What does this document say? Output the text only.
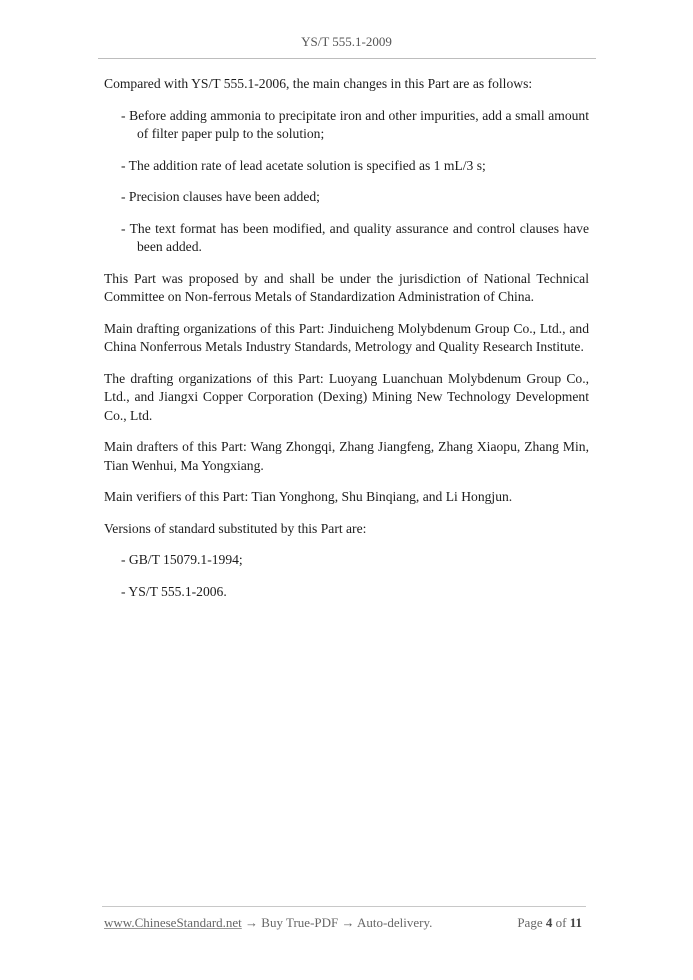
YS/T 555.1-2009

Compared with YS/T 555.1-2006, the main changes in this Part are as follows:

- Before adding ammonia to precipitate iron and other impurities, add a small amount of filter paper pulp to the solution;

- The addition rate of lead acetate solution is specified as 1 mL/3 s;

- Precision clauses have been added;

- The text format has been modified, and quality assurance and control clauses have been added.

This Part was proposed by and shall be under the jurisdiction of National Technical Committee on Non-ferrous Metals of Standardization Administration of China.

Main drafting organizations of this Part: Jinduicheng Molybdenum Group Co., Ltd., and China Nonferrous Metals Industry Standards, Metrology and Quality Research Institute.

The drafting organizations of this Part: Luoyang Luanchuan Molybdenum Group Co., Ltd., and Jiangxi Copper Corporation (Dexing) Mining New Technology Development Co., Ltd.

Main drafters of this Part: Wang Zhongqi, Zhang Jiangfeng, Zhang Xiaopu, Zhang Min, Tian Wenhui, Ma Yongxiang.

Main verifiers of this Part: Tian Yonghong, Shu Binqiang, and Li Hongjun.

Versions of standard substituted by this Part are:

- GB/T 15079.1-1994;

- YS/T 555.1-2006.

www.ChineseStandard.net → Buy True-PDF → Auto-delivery.	Page 4 of 11
